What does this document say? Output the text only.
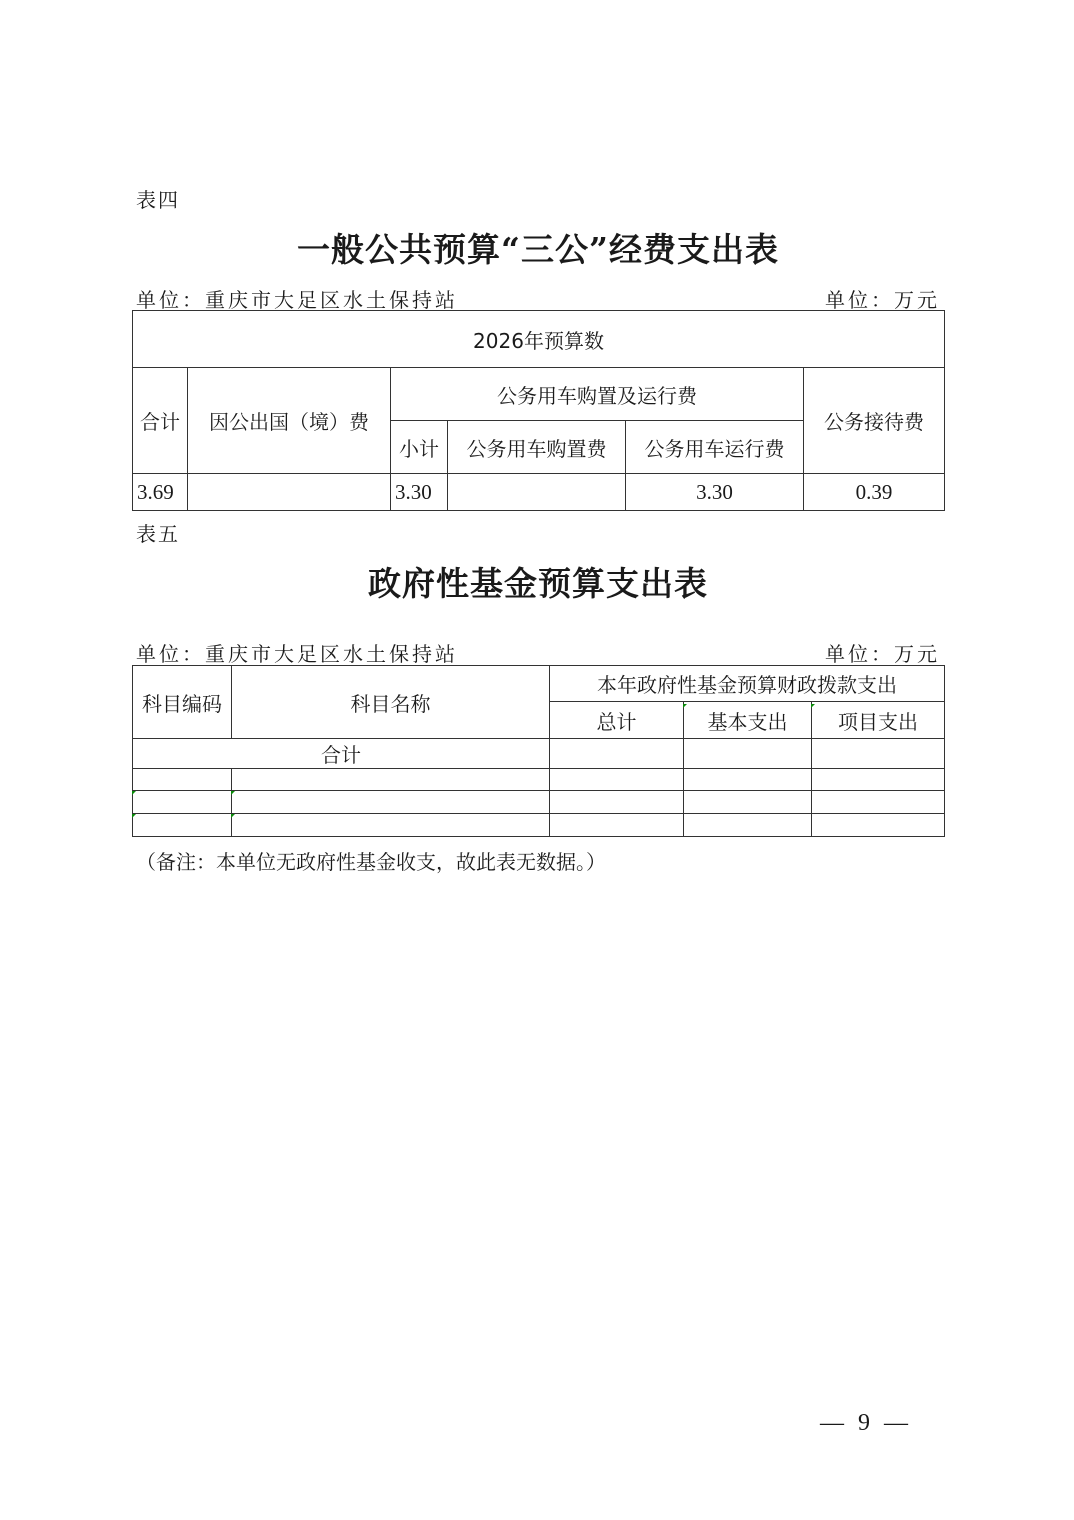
表四
一般公共预算“三公”经费支出表
单位：重庆市大足区水土保持站	单位：万元
2026年预算数					
合计	因公出国（境）费	公务用车购置及运行费			公务接待费
		小计	公务用车购置费	公务用车运行费	
3.69		3.30		3.30	0.39
表五
政府性基金预算支出表
单位：重庆市大足区水土保持站	单位：万元
科目编码	科目名称	本年政府性基金预算财政拨款支出		
		总计	基本支出	项目支出
合计				

（备注：本单位无政府性基金收支，故此表无数据。）
— 9 —
